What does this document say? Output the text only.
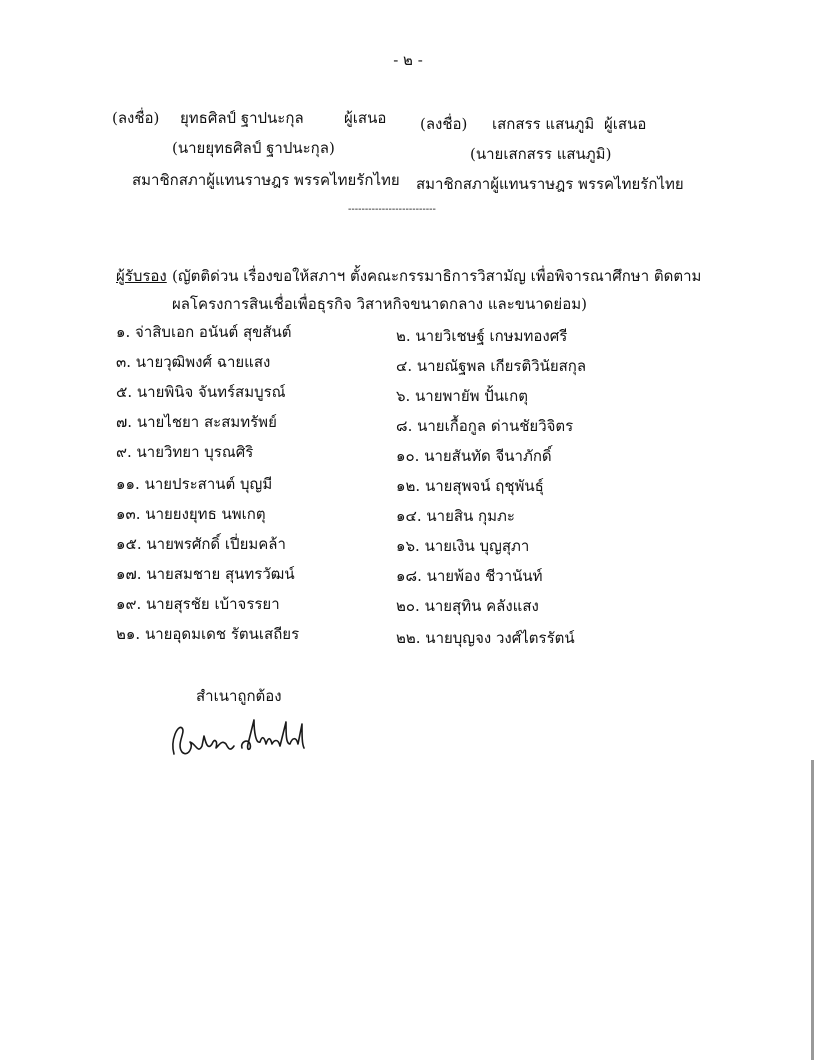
- ๒ -
(ลงชื่อ) ยุทธศิลป์ ฐาปนะกุล	ผู้เสนอ
(นายยุทธศิลป์ ฐาปนะกุล)
สมาชิกสภาผู้แทนราษฎร พรรคไทยรักไทย
(ลงชื่อ) เสกสรร แสนภูมิ ผู้เสนอ
(นายเสกสรร แสนภูมิ)
สมาชิกสภาผู้แทนราษฎร พรรคไทยรักไทย
--------------------------
ผู้รับรอง (ญัตติด่วน เรื่องขอให้สภาฯ ตั้งคณะกรรมาธิการวิสามัญ เพื่อพิจารณาศึกษา ติดตาม
ผลโครงการสินเชื่อเพื่อธุรกิจ วิสาหกิจขนาดกลาง และขนาดย่อม)
๑. จ่าสิบเอก อนันต์ สุขสันต์
๓. นายวุฒิพงศ์ ฉายแสง
๕. นายพินิจ จันทร์สมบูรณ์
๗. นายไชยา สะสมทรัพย์
๙. นายวิทยา บุรณศิริ
๑๑. นายประสานต์ บุญมี
๑๓. นายยงยุทธ นพเกตุ
๑๕. นายพรศักดิ์ เปี่ยมคล้า
๑๗. นายสมชาย สุนทรวัฒน์
๑๙. นายสุรชัย เบ้าจรรยา
๒๑. นายอุดมเดช รัตนเสถียร
๒. นายวิเชษฐ์ เกษมทองศรี
๔. นายณัฐพล เกียรติวินัยสกุล
๖. นายพายัพ ปั้นเกตุ
๘. นายเกื้อกูล ด่านชัยวิจิตร
๑๐. นายสันทัด จีนาภักดิ์
๑๒. นายสุพจน์ ฤชุพันธุ์
๑๔. นายสิน กุมภะ
๑๖. นายเงิน บุญสุภา
๑๘. นายพ้อง ชีวานันท์
๒๐. นายสุทิน คลังแสง
๒๒. นายบุญจง วงศ์ไตรรัตน์
สำเนาถูกต้อง
